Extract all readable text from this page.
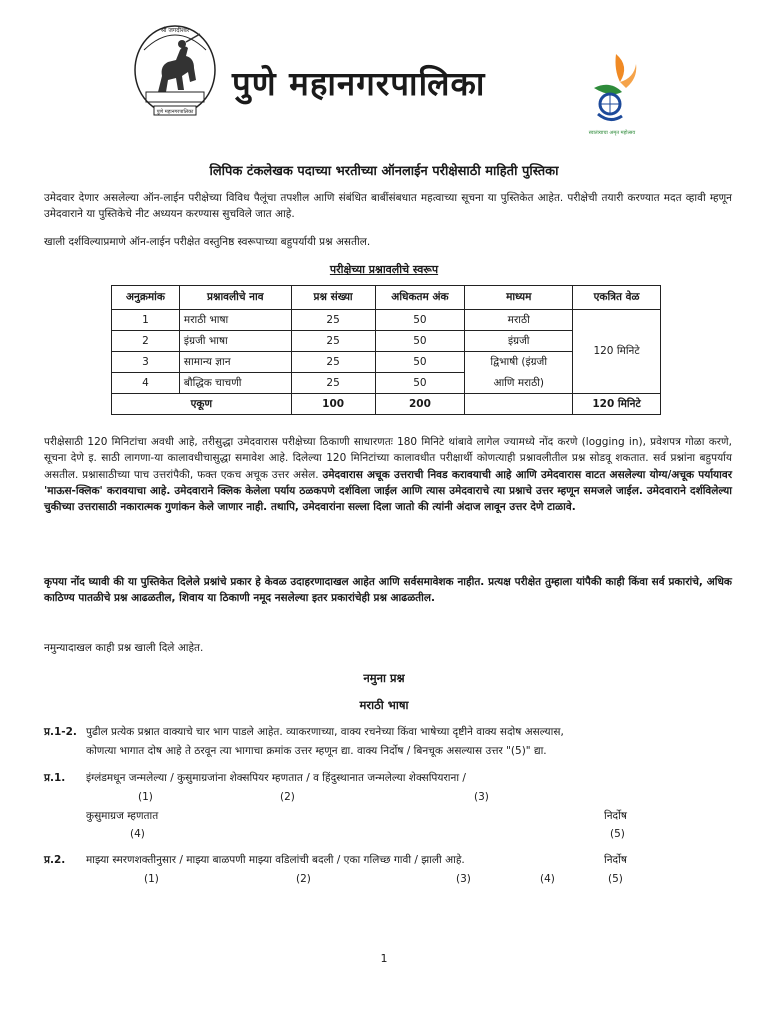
श्री जगदीश्वर
पुणे महानगरपालिका
पुणे महानगरपालिका
स्वातंत्र्याचा अमृत महोत्सव
लिपिक टंकलेखक पदाच्या भरतीच्या ऑनलाईन परीक्षेसाठी माहिती पुस्तिका

उमेदवार देणार असलेल्या ऑन-लाईन परीक्षेच्या विविध पैलूंचा तपशील आणि संबंधित बाबींसंबधात महत्वाच्या सूचना या पुस्तिकेत आहेत. परीक्षेची तयारी करण्यात मदत व्हावी म्हणून उमेदवाराने या पुस्तिकेचे नीट अध्ययन करण्यास सुचविले जात आहे.

खाली दर्शविल्याप्रमाणे ऑन-लाईन परीक्षेत वस्तुनिष्ठ स्वरूपाच्या बहुपर्यायी प्रश्न असतील.

परीक्षेच्या प्रश्नावलीचे स्वरूप
अनुक्रमांक	प्रश्नावलीचे नाव	प्रश्न संख्या	अधिकतम अंक	माध्यम	एकत्रित वेळ
1	मराठी भाषा	25	50	मराठी	120 मिनिटे
2	इंग्रजी भाषा	25	50	इंग्रजी	
3	सामान्य ज्ञान	25	50	द्विभाषी (इंग्रजी	
4	बौद्धिक चाचणी	25	50	आणि मराठी)	
एकूण		100	200		120 मिनिटे

परीक्षेसाठी 120 मिनिटांचा अवधी आहे, तरीसुद्धा उमेदवारास परीक्षेच्या ठिकाणी साधारणतः 180 मिनिटे थांबावे लागेल ज्यामध्ये नोंद करणे (logging in), प्रवेशपत्र गोळा करणे, सूचना देणे इ. साठी लागणा-या कालावधीचासुद्धा समावेश आहे. दिलेल्या 120 मिनिटांच्या कालावधीत परीक्षार्थी कोणत्याही प्रश्नावलीतील प्रश्न सोडवू शकतात. सर्व प्रश्नांना बहुपर्याय असतील. प्रश्नासाठीच्या पाच उत्तरांपैकी, फक्त एकच अचूक उत्तर असेल. उमेदवारास अचूक उत्तराची निवड करावयाची आहे आणि उमेदवारास वाटत असलेल्या योग्य/अचूक पर्यायावर 'माऊस-क्लिक' करावयाचा आहे. उमेदवाराने क्लिक केलेला पर्याय ठळकपणे दर्शविला जाईल आणि त्यास उमेदवाराचे त्या प्रश्नाचे उत्तर म्हणून समजले जाईल. उमेदवाराने दर्शविलेल्या चुकीच्या उत्तरासाठी नकारात्मक गुणांकन केले जाणार नाही. तथापि, उमेदवारांना सल्ला दिला जातो की त्यांनी अंदाज लावून उत्तर देणे टाळावे.

कृपया नोंद घ्यावी की या पुस्तिकेत दिलेले प्रश्नांचे प्रकार हे केवळ उदाहरणादाखल आहेत आणि सर्वसमावेशक नाहीत. प्रत्यक्ष परीक्षेत तुम्हाला यांपैकी काही किंवा सर्व प्रकारांचे, अधिक काठिण्य पातळीचे प्रश्न आढळतील, शिवाय या ठिकाणी नमूद नसलेल्या इतर प्रकारांचेही प्रश्न आढळतील.

नमुन्यादाखल काही प्रश्न खाली दिले आहेत.

नमुना प्रश्न
मराठी भाषा
प्र.1-2. पुढील प्रत्येक प्रश्नात वाक्याचे चार भाग पाडले आहेत. व्याकरणाच्या, वाक्य रचनेच्या किंवा भाषेच्या दृष्टीने वाक्य सदोष असल्यास,
कोणत्या भागात दोष आहे ते ठरवून त्या भागाचा क्रमांक उत्तर म्हणून द्या. वाक्य निर्दोष / बिनचूक असल्यास उत्तर "(5)" द्या.
प्र.1. इंग्लंडमधून जन्मलेल्या / कुसुमाग्रजांना शेक्सपियर म्हणतात / व हिंदुस्थानात जन्मलेल्या शेक्सपियराना /
(1)	(2)	(3)
कुसुमाग्रज म्हणतात	निर्दोष
(4)	(5)
प्र.2. माझ्या स्मरणशक्तीनुसार / माझ्या बाळपणी माझ्या वडिलांची बदली / एका गलिच्छ गावी / झाली आहे.	निर्दोष
(1)	(2)	(3)	(4)	(5)
1
